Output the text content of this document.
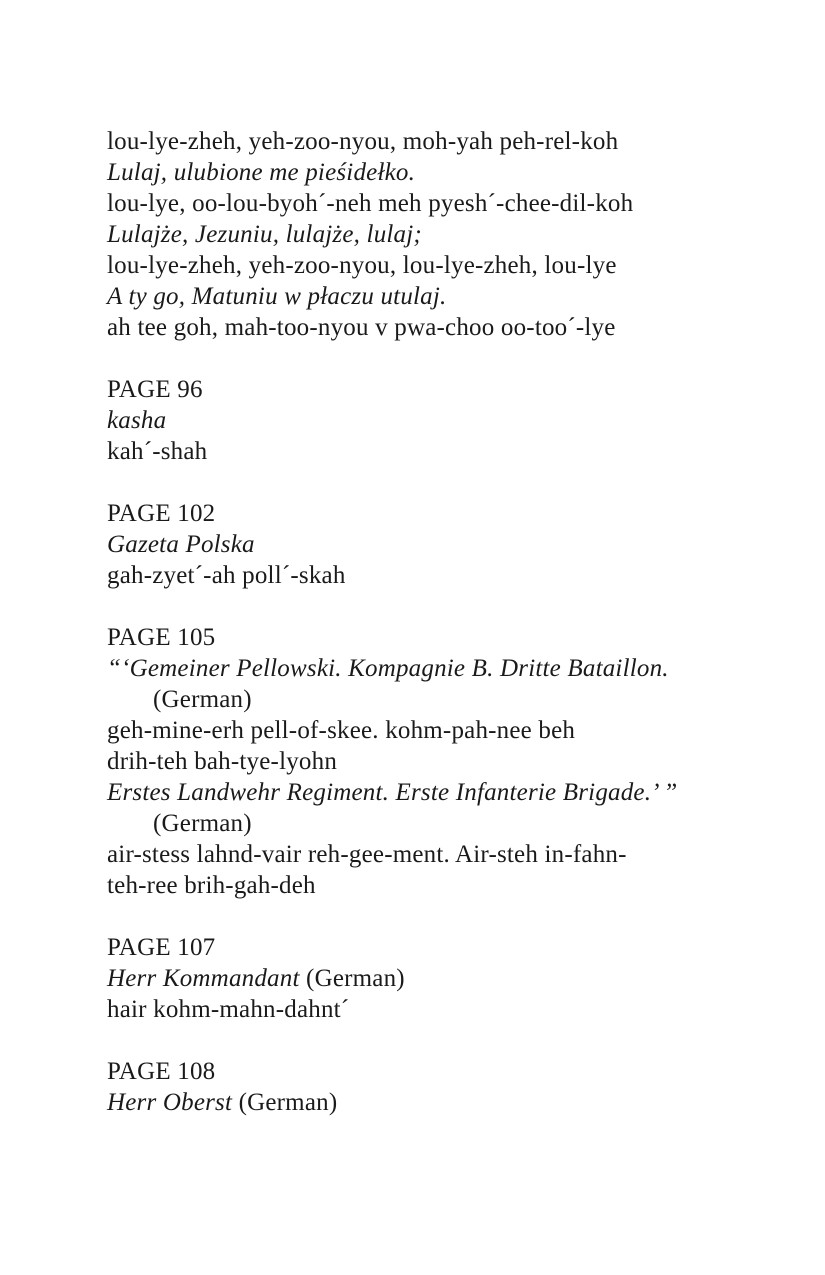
lou-lye-zheh, yeh-zoo-nyou, moh-yah peh-rel-koh

Lulaj, ulubione me pieśidełko.

lou-lye, oo-lou-byoh´-neh meh pyesh´-chee-dil-koh

Lulajże, Jezuniu, lulajże, lulaj;

lou-lye-zheh, yeh-zoo-nyou, lou-lye-zheh, lou-lye

A ty go, Matuniu w płaczu utulaj.

ah tee goh, mah-too-nyou v pwa-choo oo-too´-lye

PAGE 96

kasha

kah´-shah

PAGE 102

Gazeta Polska

gah-zyet´-ah poll´-skah

PAGE 105

“‘Gemeiner Pellowski. Kompagnie B. Dritte Bataillon.

(German)

geh-mine-erh pell-of-skee. kohm-pah-nee beh

drih-teh bah-tye-lyohn

Erstes Landwehr Regiment. Erste Infanterie Brigade.’ ”

(German)

air-stess lahnd-vair reh-gee-ment. Air-steh in-fahn-

teh-ree brih-gah-deh

PAGE 107

Herr Kommandant (German)

hair kohm-mahn-dahnt´

PAGE 108

Herr Oberst (German)
